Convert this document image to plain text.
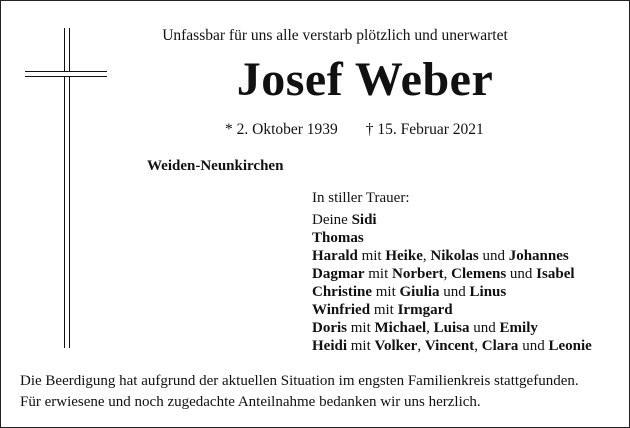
Unfassbar für uns alle verstarb plötzlich und unerwartet
Josef Weber
* 2. Oktober 1939 † 15. Februar 2021
Weiden-Neunkirchen
In stiller Trauer:
Deine Sidi
Thomas
Harald mit Heike, Nikolas und Johannes
Dagmar mit Norbert, Clemens und Isabel
Christine mit Giulia und Linus
Winfried mit Irmgard
Doris mit Michael, Luisa und Emily
Heidi mit Volker, Vincent, Clara und Leonie
Die Beerdigung hat aufgrund der aktuellen Situation im engsten Familienkreis stattgefunden.
Für erwiesene und noch zugedachte Anteilnahme bedanken wir uns herzlich.
